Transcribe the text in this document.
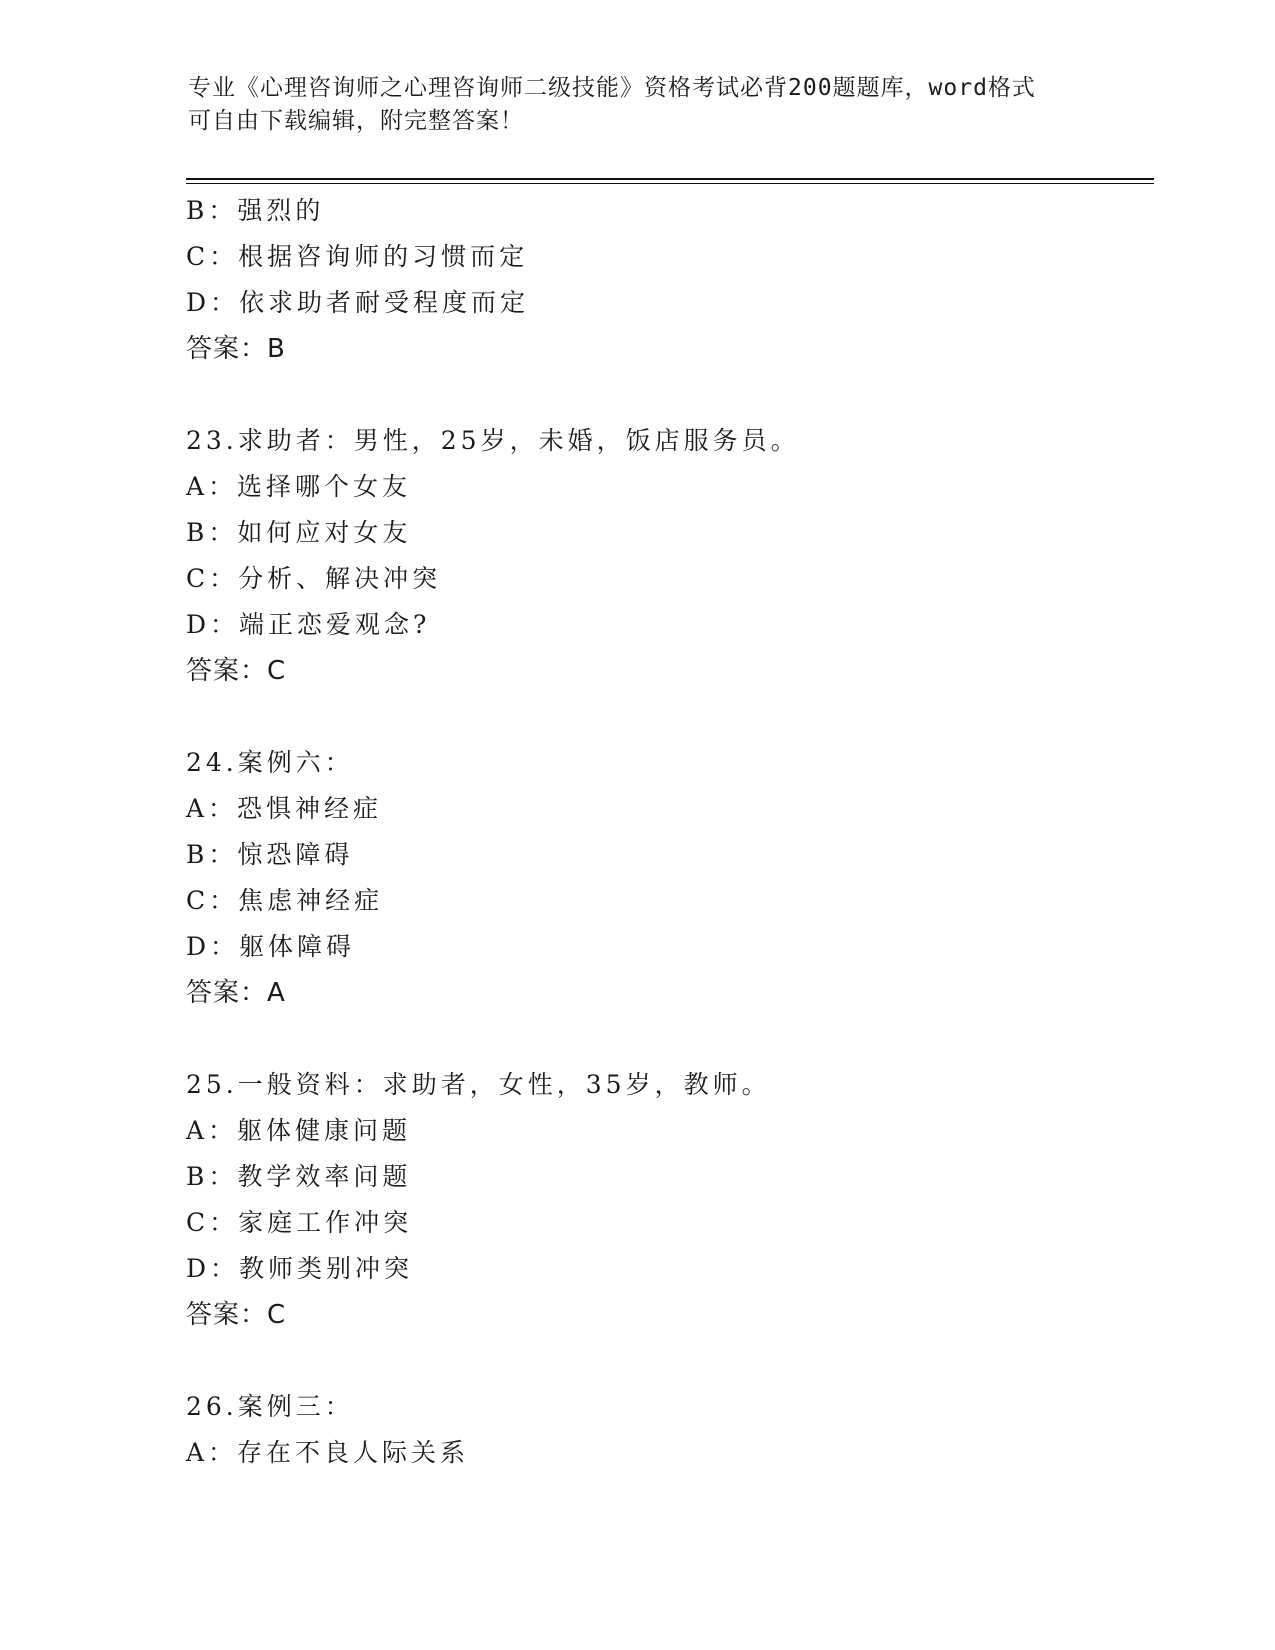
专业《心理咨询师之心理咨询师二级技能》资格考试必背200题题库，word格式
可自由下载编辑，附完整答案！
B：强烈的
C：根据咨询师的习惯而定
D：依求助者耐受程度而定
答案：B
23.求助者：男性，25岁，未婚，饭店服务员。
A：选择哪个女友
B：如何应对女友
C：分析、解决冲突
D：端正恋爱观念?
答案：C
24.案例六：
A：恐惧神经症
B：惊恐障碍
C：焦虑神经症
D：躯体障碍
答案：A
25.一般资料：求助者，女性，35岁，教师。
A：躯体健康问题
B：教学效率问题
C：家庭工作冲突
D：教师类别冲突
答案：C
26.案例三：
A：存在不良人际关系
